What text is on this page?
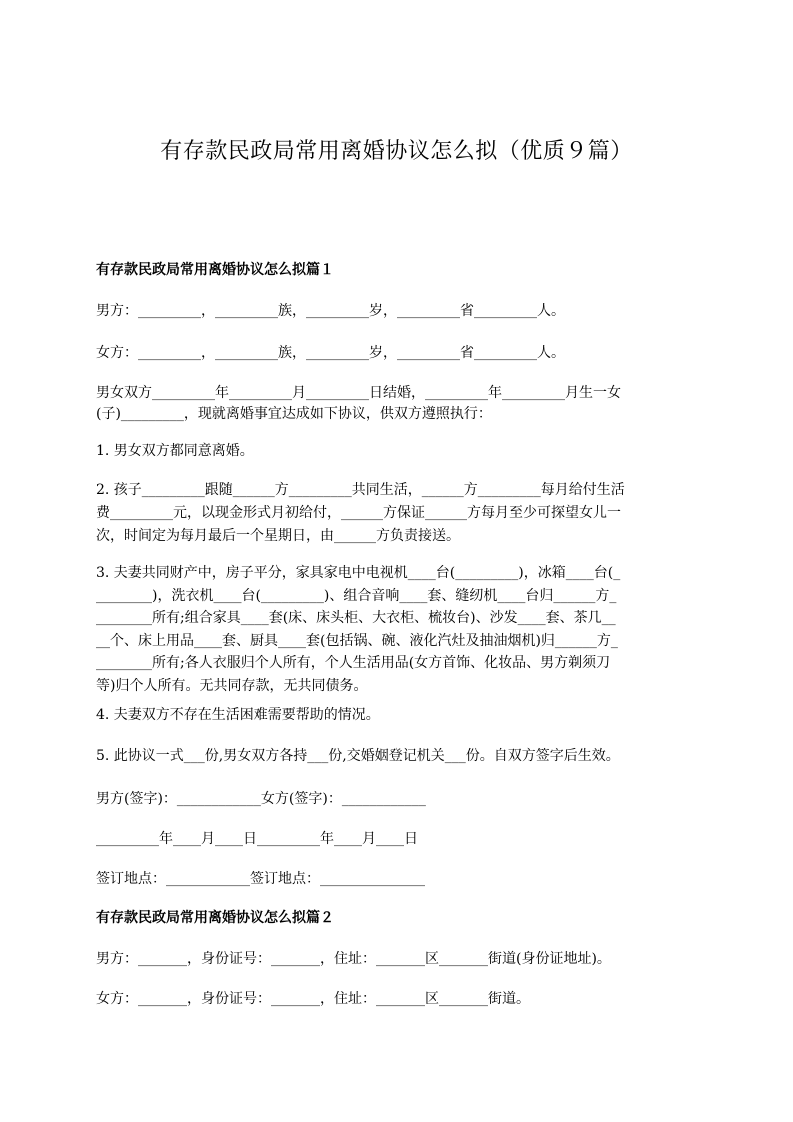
有存款民政局常用离婚协议怎么拟（优质９篇）
有存款民政局常用离婚协议怎么拟篇１

男方：_________，_________族，_________岁，_________省_________人。

女方：_________，_________族，_________岁，_________省_________人。

男女双方_________年_________月_________日结婚，_________年_________月生一女

(子)_________，现就离婚事宜达成如下协议，供双方遵照执行：

1. 男女双方都同意离婚。

2. 孩子_________跟随______方_________共同生活，______方_________每月给付生活

费_________元，以现金形式月初给付，______方保证______方每月至少可探望女儿一

次，时间定为每月最后一个星期日，由______方负责接送。

3. 夫妻共同财产中，房子平分，家具家电中电视机____台(_________)，冰箱____台(_

________)，洗衣机____台(_________)、组合音响____套、缝纫机____台归______方_

________所有;组合家具____套(床、床头柜、大衣柜、梳妆台)、沙发____套、茶几__

__个、床上用品____套、厨具____套(包括锅、碗、液化汽灶及抽油烟机)归______方_

________所有;各人衣服归个人所有，个人生活用品(女方首饰、化妆品、男方剃须刀

等)归个人所有。无共同存款，无共同债务。

4. 夫妻双方不存在生活困难需要帮助的情况。

5. 此协议一式___份,男女双方各持___份,交婚姻登记机关___份。自双方签字后生效。

男方(签字)：____________女方(签字)：____________

_________年____月____日_________年____月____日

签订地点：____________签订地点：_______________

有存款民政局常用离婚协议怎么拟篇２

男方：_______，身份证号：_______，住址：_______区_______街道(身份证地址)。

女方：_______，身份证号：_______，住址：_______区_______街道。
